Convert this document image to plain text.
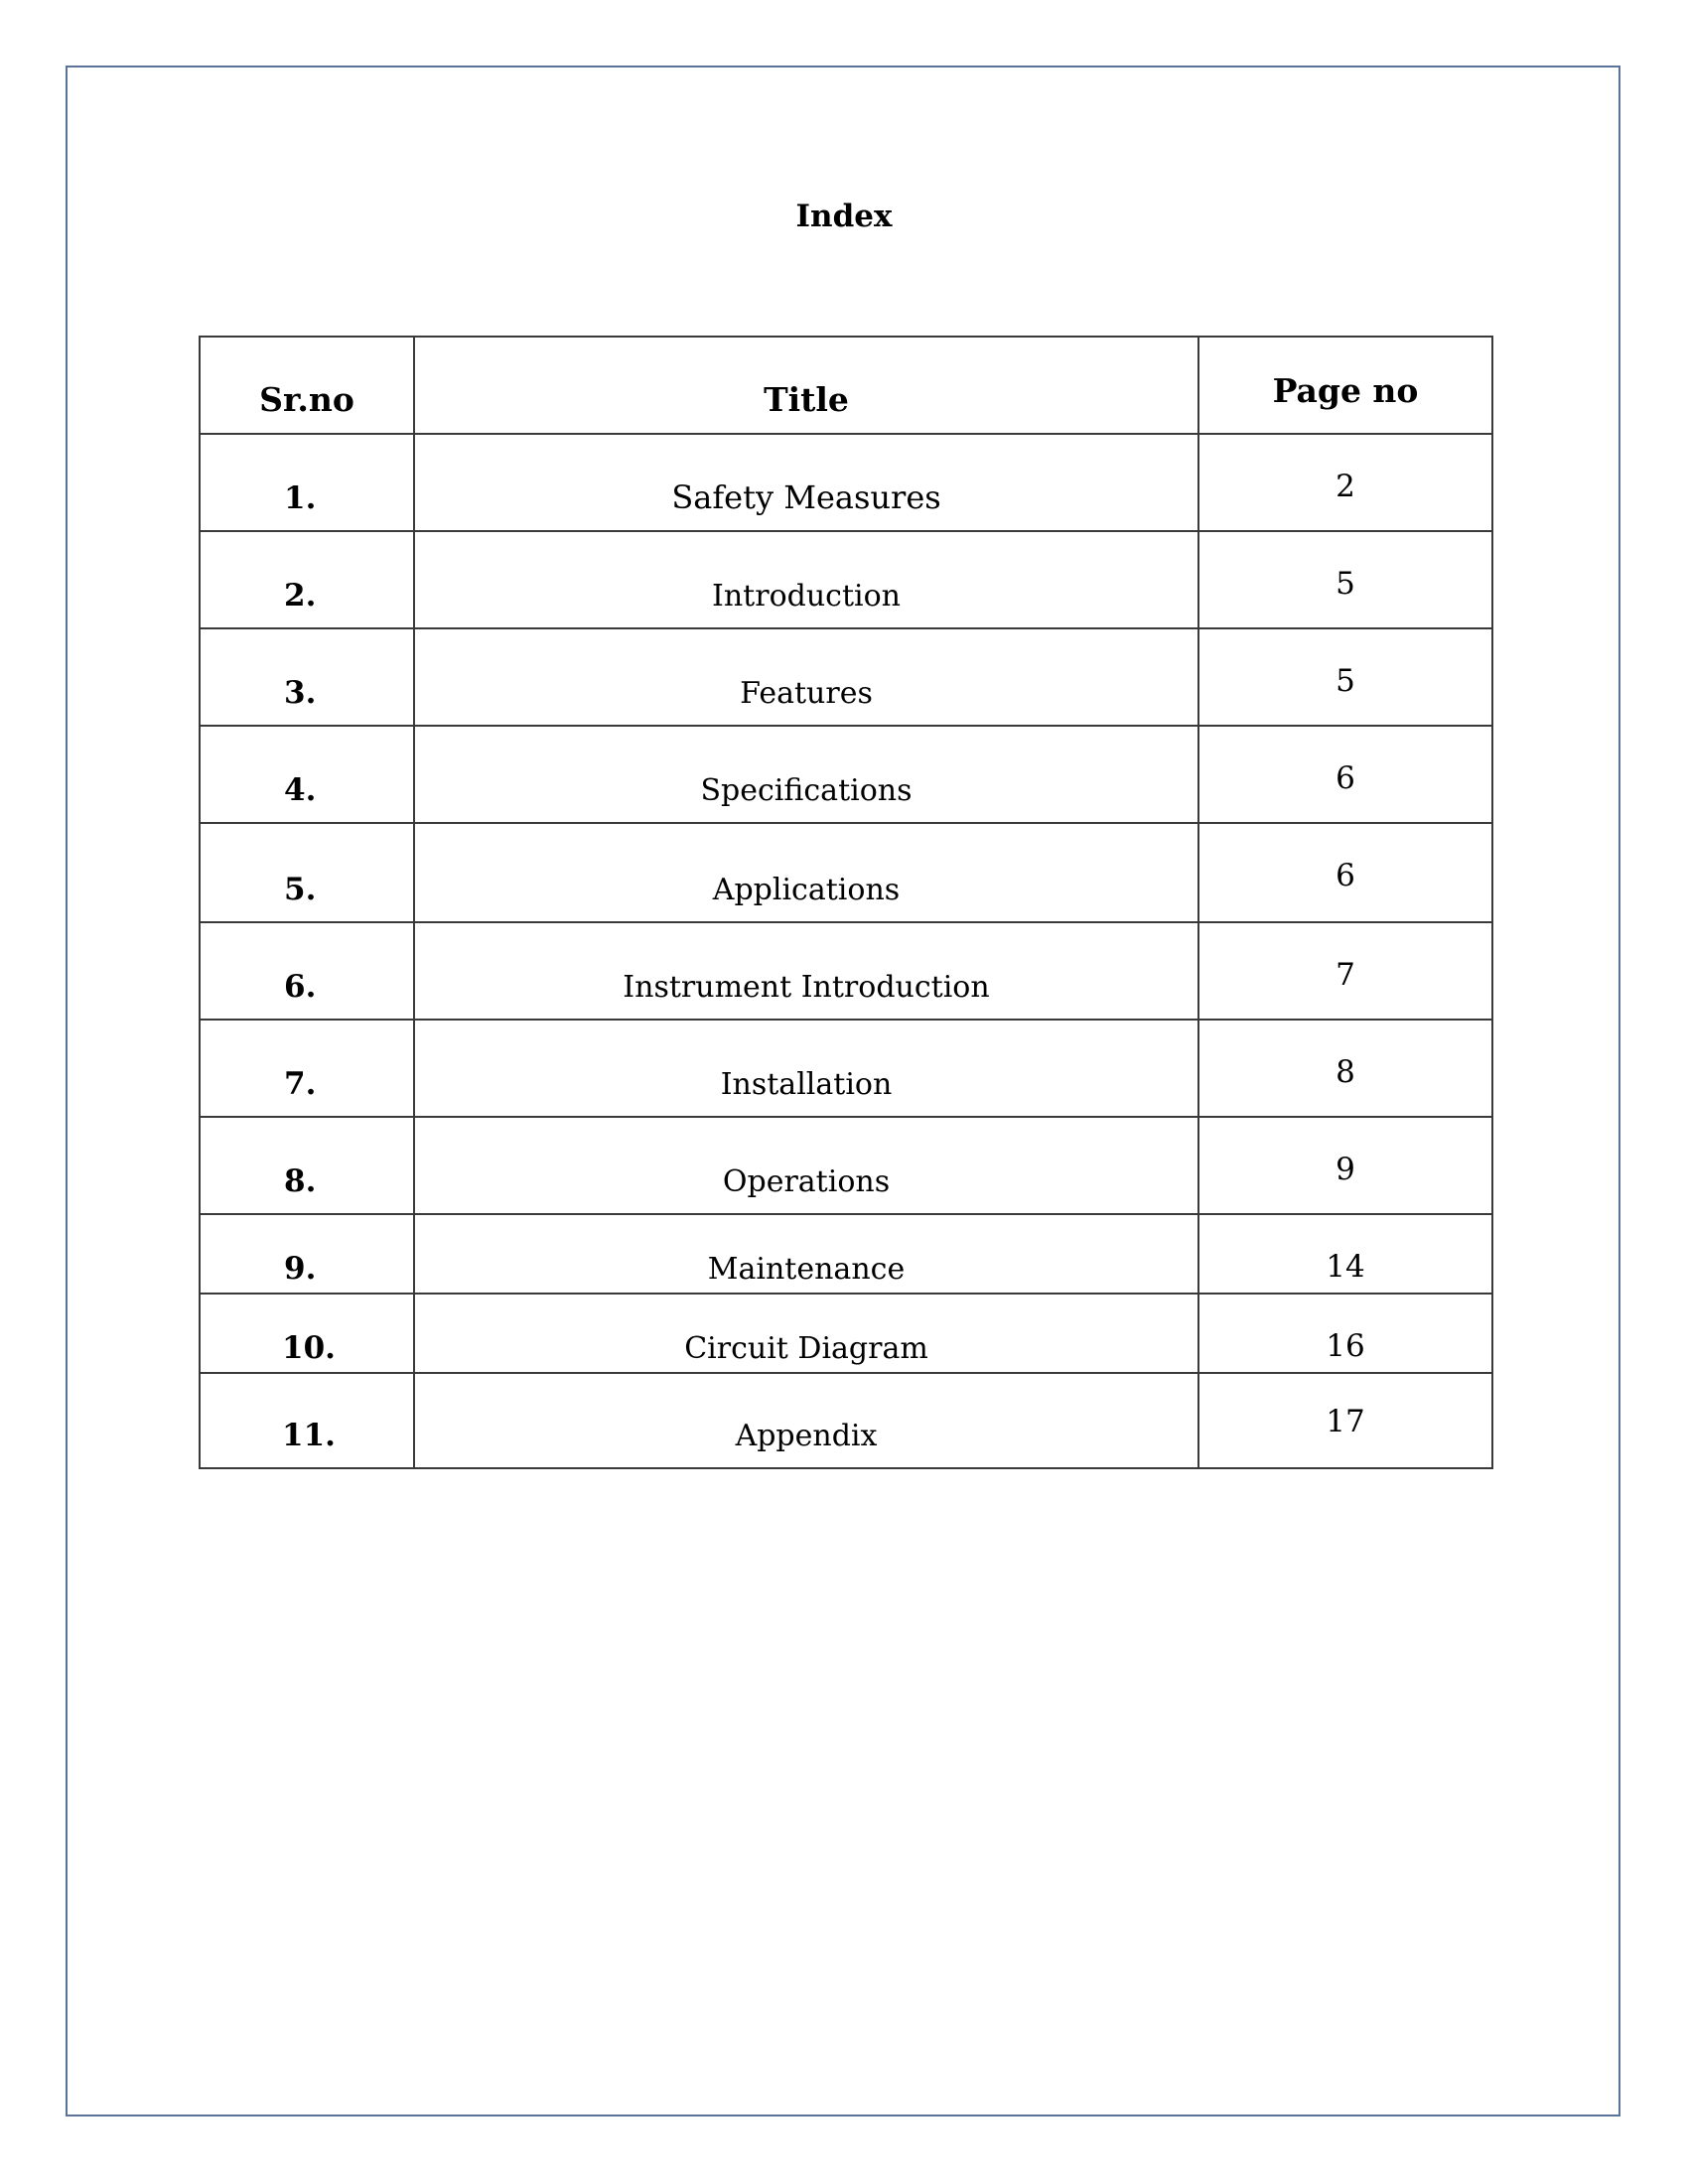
Index
Sr.no	Title	Page no

1.	Safety Measures	2

2.	Introduction	5

3.	Features	5

4.	Specifications	6

5.	Applications	6

6.	Instrument Introduction	7

7.	Installation	8

8.	Operations	9

9.	Maintenance	14

10.	Circuit Diagram	16

11.	Appendix	17
